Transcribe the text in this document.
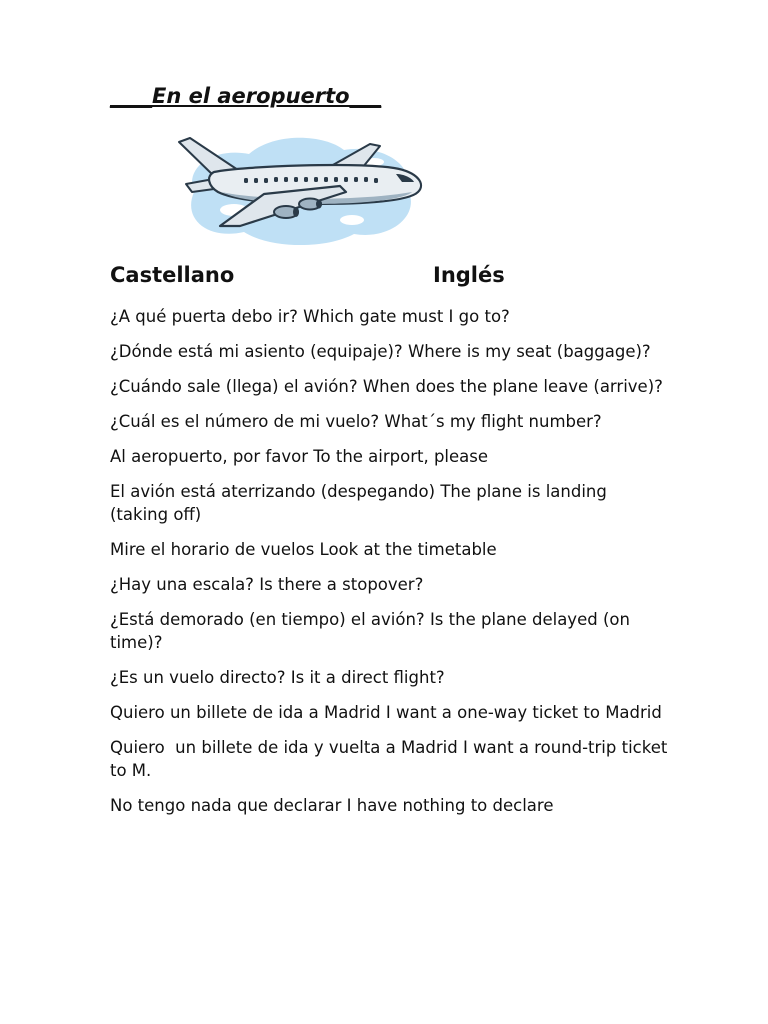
____En el aeropuerto___
Castellano	Inglés
¿A qué puerta debo ir? Which gate must I go to?
¿Dónde está mi asiento (equipaje)? Where is my seat (baggage)?
¿Cuándo sale (llega) el avión? When does the plane leave (arrive)?
¿Cuál es el número de mi vuelo? What´s my flight number?
Al aeropuerto, por favor To the airport, please
El avión está aterrizando (despegando) The plane is landing (taking off)
Mire el horario de vuelos Look at the timetable
¿Hay una escala? Is there a stopover?
¿Está demorado (en tiempo) el avión? Is the plane delayed (on time)?
¿Es un vuelo directo? Is it a direct flight?
Quiero un billete de ida a Madrid I want a one-way ticket to Madrid
Quiero  un billete de ida y vuelta a Madrid I want a round-trip ticket to M.
No tengo nada que declarar I have nothing to declare
